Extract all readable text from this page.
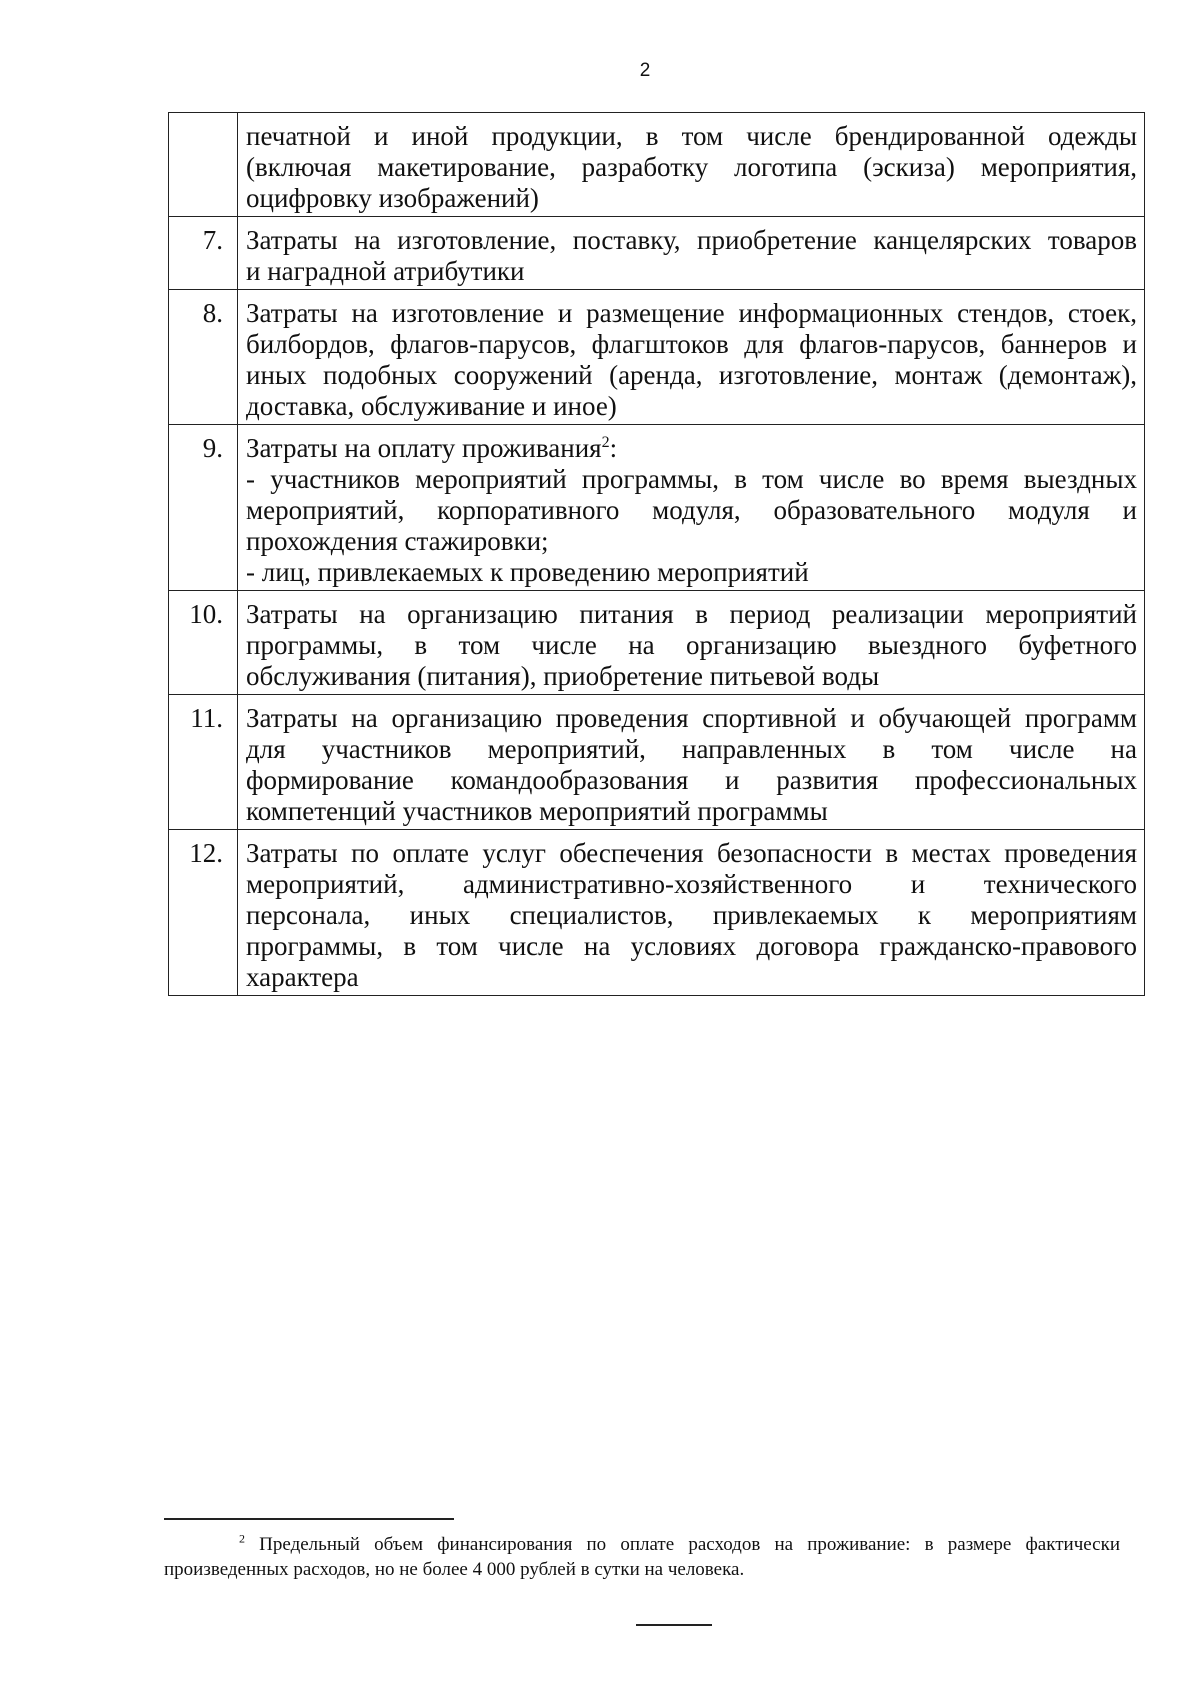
2

	печатной и иной продукции, в том числе брендированной одежды
(включая макетирование, разработку логотипа (эскиза) мероприятия,
оцифровку изображений)

7.	Затраты на изготовление, поставку, приобретение канцелярских товаров
и наградной атрибутики

8.	Затраты на изготовление и размещение информационных стендов, стоек,
билбордов, флагов-парусов, флагштоков для флагов-парусов, баннеров и
иных подобных сооружений (аренда, изготовление, монтаж (демонтаж),
доставка, обслуживание и иное)

9.	Затраты на оплату проживания$^2$:
- участников мероприятий программы, в том числе во время выездных
мероприятий, корпоративного модуля, образовательного модуля и
прохождения стажировки;
- лиц, привлекаемых к проведению мероприятий

10.	Затраты на организацию питания в период реализации мероприятий
программы, в том числе на организацию выездного буфетного
обслуживания (питания), приобретение питьевой воды

11.	Затраты на организацию проведения спортивной и обучающей программ
для участников мероприятий, направленных в том числе на
формирование командообразования и развития профессиональных
компетенций участников мероприятий программы

12.	Затраты по оплате услуг обеспечения безопасности в местах проведения
мероприятий, административно-хозяйственного и технического
персонала, иных специалистов, привлекаемых к мероприятиям
программы, в том числе на условиях договора гражданско-правового
характера
$^2$ Предельный объем финансирования по оплате расходов на проживание: в размере фактически произведенных расходов, но не более 4 000 рублей в сутки на человека.
